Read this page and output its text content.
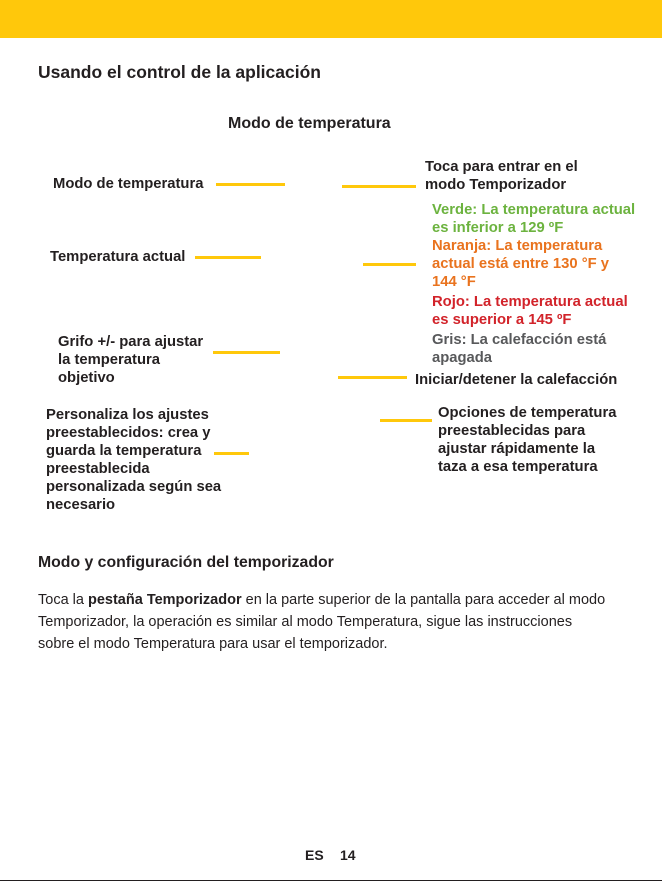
Usando el control de la aplicación
Modo de temperatura
Modo de temperatura
Temperatura actual
Grifo +/- para ajustar
la temperatura
objetivo
Personaliza los ajustes
preestablecidos: crea y
guarda la temperatura
preestablecida
personalizada según sea
necesario
Toca para entrar en el
modo Temporizador
Verde: La temperatura actual
es inferior a 129 ºF
Naranja: La temperatura
actual está entre 130 °F y
144 °F
Rojo: La temperatura actual
es superior a 145 ºF
Gris: La calefacción está
apagada
Iniciar/detener la calefacción
Opciones de temperatura
preestablecidas para
ajustar rápidamente la
taza a esa temperatura
Modo y configuración del temporizador
Toca la pestaña Temporizador en la parte superior de la pantalla para acceder al modo
Temporizador, la operación es similar al modo Temperatura, sigue las instrucciones
sobre el modo Temperatura para usar el temporizador.
ES 14
